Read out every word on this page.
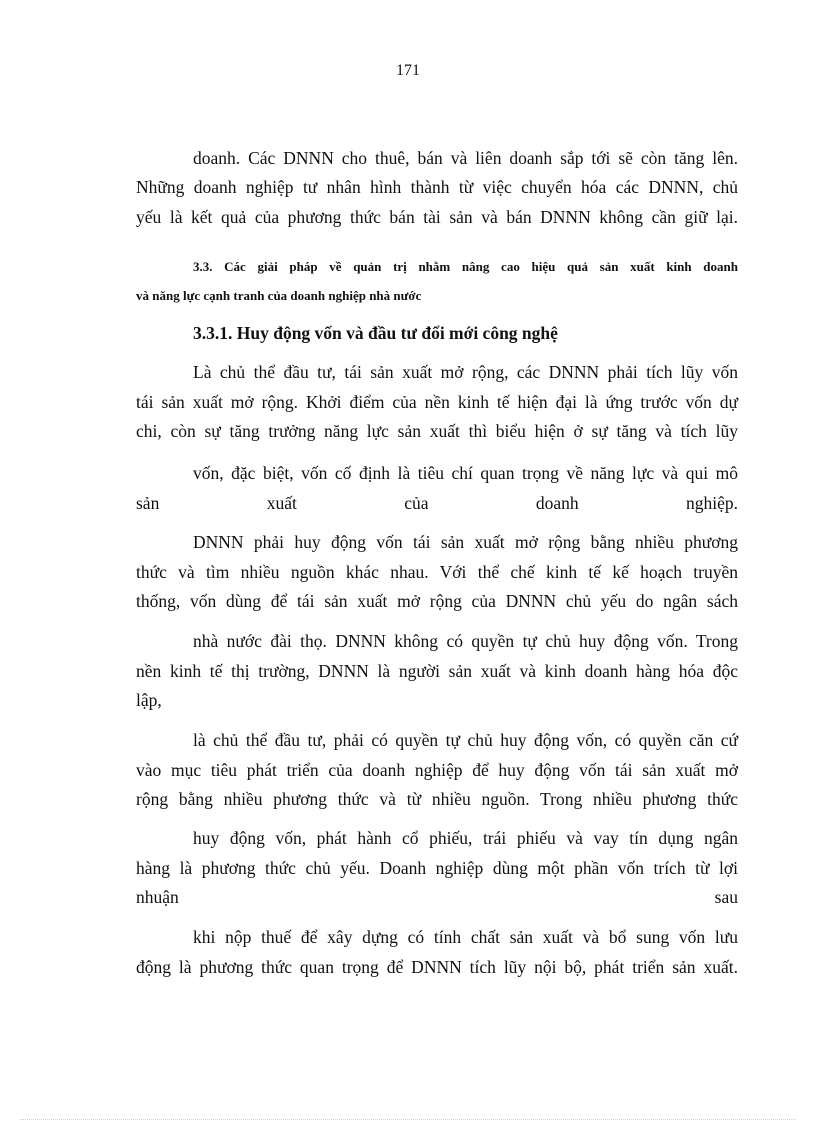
171
doanh. Các DNNN cho thuê, bán và liên doanh sắp tới sẽ còn tăng lên.
Những doanh nghiệp tư nhân hình thành từ việc chuyển hóa các DNNN, chủ
yếu là kết quả của phương thức bán tài sản và bán DNNN không cần giữ lại.
3.3. Các giải pháp về quản trị nhằm nâng cao hiệu quả sản xuất kinh doanh
và năng lực cạnh tranh của doanh nghiệp nhà nước
3.3.1. Huy động vốn và đầu tư đổi mới công nghệ
Là chủ thể đầu tư, tái sản xuất mở rộng, các DNNN phải tích lũy vốn
tái sản xuất mở rộng. Khởi điểm của nền kinh tế hiện đại là ứng trước vốn dự
chi, còn sự tăng trưởng năng lực sản xuất thì biểu hiện ở sự tăng và tích lũy
vốn, đặc biệt, vốn cố định là tiêu chí quan trọng về năng lực và qui mô
sản xuất của doanh nghiệp.
DNNN phải huy động vốn tái sản xuất mở rộng bằng nhiều phương
thức và tìm nhiều nguồn khác nhau. Với thể chế kinh tế kế hoạch truyền
thống, vốn dùng để tái sản xuất mở rộng của DNNN chủ yếu do ngân sách
nhà nước đài thọ. DNNN không có quyền tự chủ huy động vốn. Trong
nền kinh tế thị trường, DNNN là người sản xuất và kinh doanh hàng hóa độc
lập,
là chủ thể đầu tư, phải có quyền tự chủ huy động vốn, có quyền căn cứ
vào mục tiêu phát triển của doanh nghiệp để huy động vốn tái sản xuất mở
rộng bằng nhiều phương thức và từ nhiều nguồn. Trong nhiều phương thức
huy động vốn, phát hành cổ phiếu, trái phiếu và vay tín dụng ngân
hàng là phương thức chủ yếu. Doanh nghiệp dùng một phần vốn trích từ lợi
nhuận sau
khi nộp thuế để xây dựng có tính chất sản xuất và bổ sung vốn lưu
động là phương thức quan trọng để DNNN tích lũy nội bộ, phát triển sản xuất.
